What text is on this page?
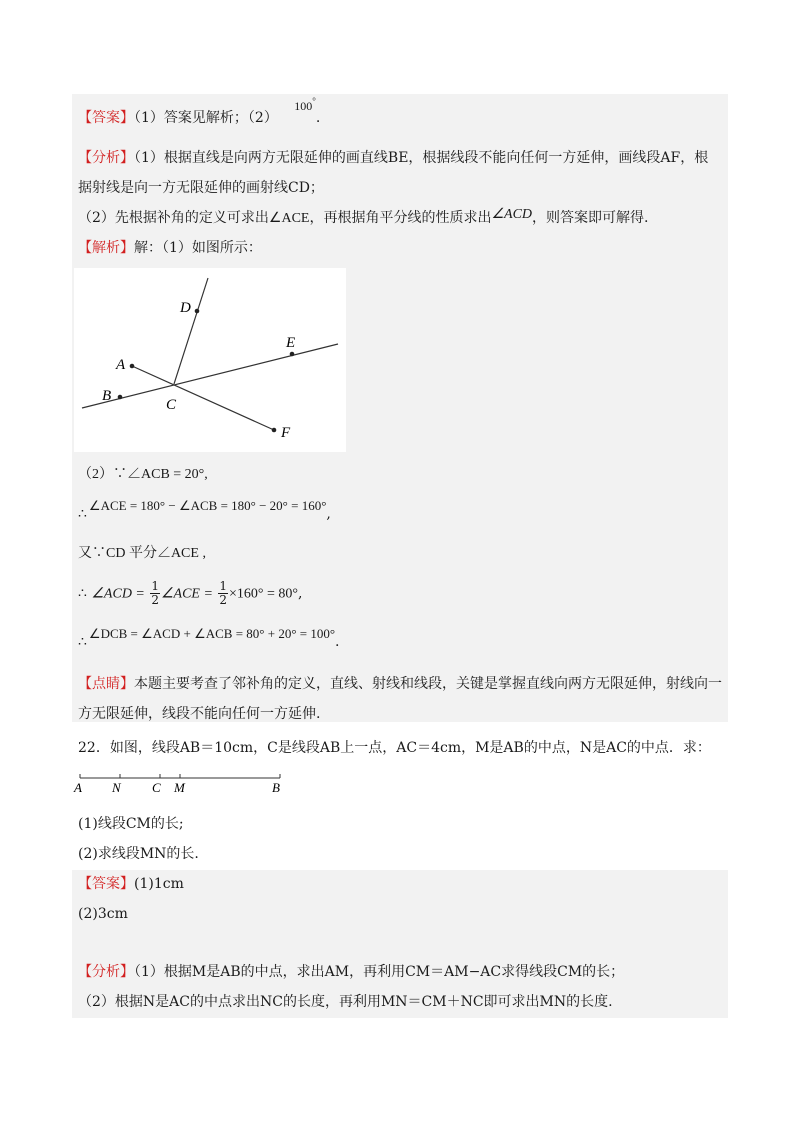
【答案】（1）答案见解析；（2） 100°.
【分析】（1）根据直线是向两方无限延伸的画直线BE，根据线段不能向任何一方延伸，画线段AF，根
据射线是向一方无限延伸的画射线CD；
（2）先根据补角的定义可求出∠ACE，再根据角平分线的性质求出∠ACD，则答案即可解得.
【解析】解：（1）如图所示：
A
B
C
D
E
F
（2）∵∠ACB = 20°,
∴∠ACE = 180° − ∠ACB = 180° − 20° = 160°,
又∵CD 平分∠ACE ,
∴ ∠ACD = $\frac{1}{2}$ ∠ACE = $\frac{1}{2} \times 160^\circ = 80^\circ$,
∴∠DCB = ∠ACD + ∠ACB = 80° + 20° = 100°.
【点睛】本题主要考查了邻补角的定义，直线、射线和线段，关键是掌握直线向两方无限延伸，射线向一
方无限延伸，线段不能向任何一方延伸.
22．如图，线段AB＝10cm，C是线段AB上一点，AC＝4cm，M是AB的中点，N是AC的中点．求：
A N C M	B
(1)线段CM的长;
(2)求线段MN的长.
【答案】(1)1cm
(2)3cm
【分析】（1）根据M是AB的中点，求出AM，再利用CM＝AM−AC求得线段CM的长；
（2）根据N是AC的中点求出NC的长度，再利用MN＝CM＋NC即可求出MN的长度.
